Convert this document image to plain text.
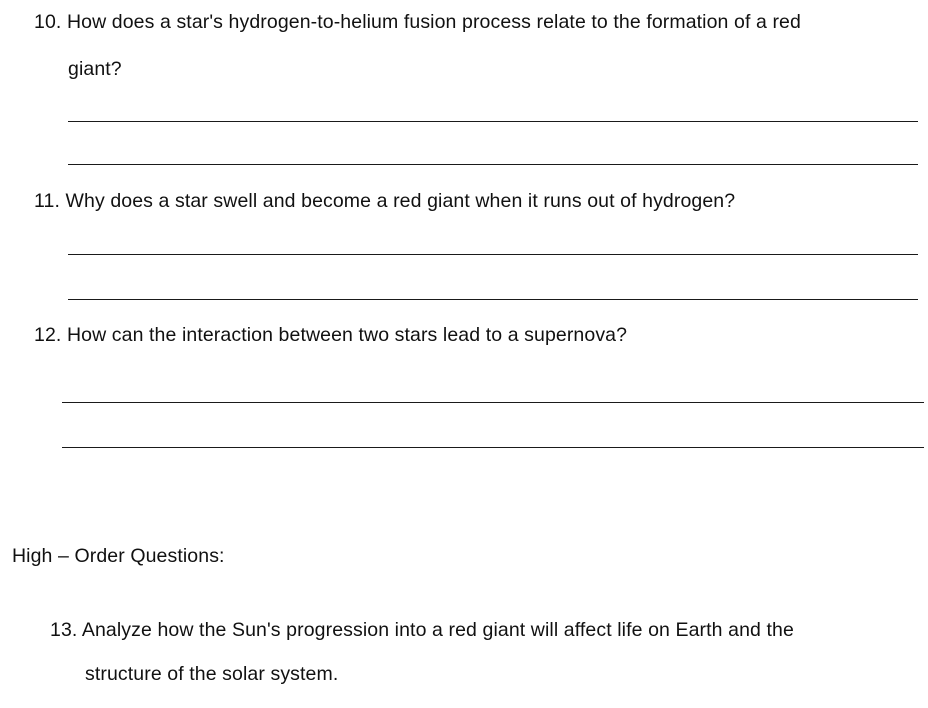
10. How does a star's hydrogen-to-helium fusion process relate to the formation of a red
giant?
11. Why does a star swell and become a red giant when it runs out of hydrogen?
12. How can the interaction between two stars lead to a supernova?
High – Order Questions:
13. Analyze how the Sun's progression into a red giant will affect life on Earth and the
structure of the solar system.
